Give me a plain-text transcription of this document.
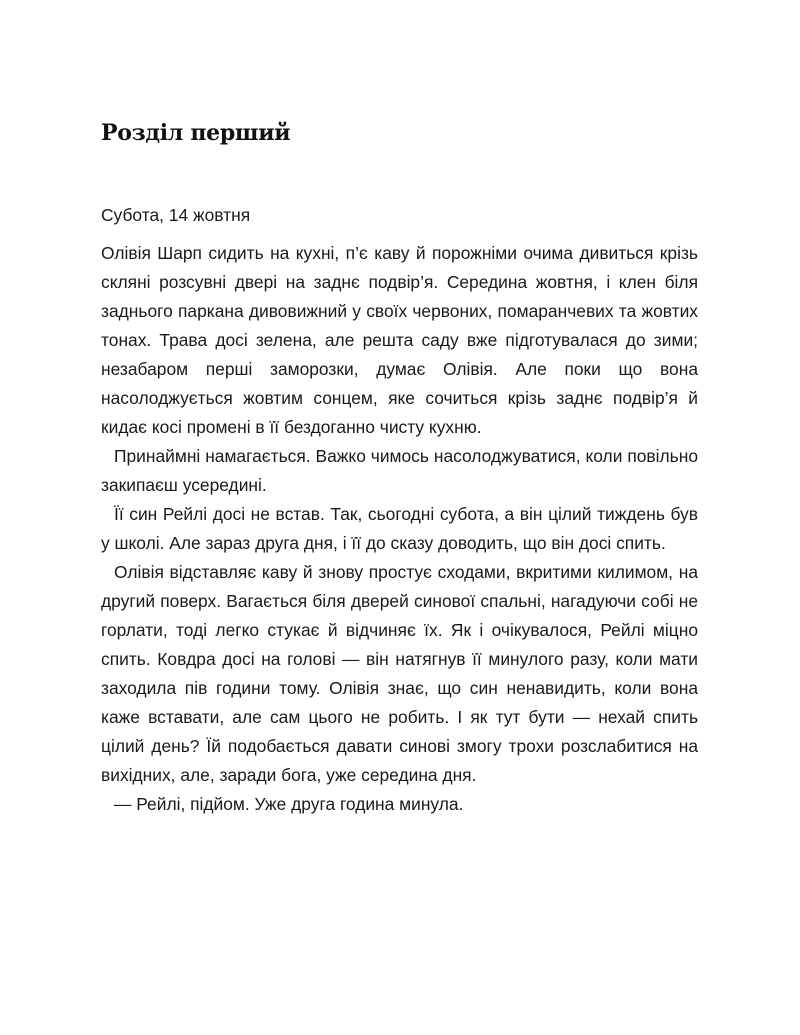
Розділ перший

Субота, 14 жовтня

Олівія Шарп сидить на кухні, п’є каву й порожніми очима дивиться крізь скляні розсувні двері на заднє подвір’я. Середина жовтня, і клен біля заднього паркана дивовижний у своїх червоних, помаранчевих та жовтих тонах. Трава досі зелена, але решта саду вже підготувалася до зими; незабаром перші заморозки, думає Олівія. Але поки що вона насолоджується жовтим сонцем, яке сочиться крізь заднє подвір’я й кидає косі промені в її бездоганно чисту кухню.

Принаймні намагається. Важко чимось насолоджуватися, коли повільно закипаєш усередині.

Її син Рейлі досі не встав. Так, сьогодні субота, а він цілий тиждень був у школі. Але зараз друга дня, і її до сказу доводить, що він досі спить.

Олівія відставляє каву й знову простує сходами, вкритими килимом, на другий поверх. Вагається біля дверей синової спальні, нагадуючи собі не горлати, тоді легко стукає й відчиняє їх. Як і очікувалося, Рейлі міцно спить. Ковдра досі на голові — він натягнув її минулого разу, коли мати заходила пів години тому. Олівія знає, що син ненавидить, коли вона каже вставати, але сам цього не робить. І як тут бути — нехай спить цілий день? Їй подобається давати синові змогу трохи розслабитися на вихідних, але, заради бога, уже середина дня.

— Рейлі, підйом. Уже друга година минула.
